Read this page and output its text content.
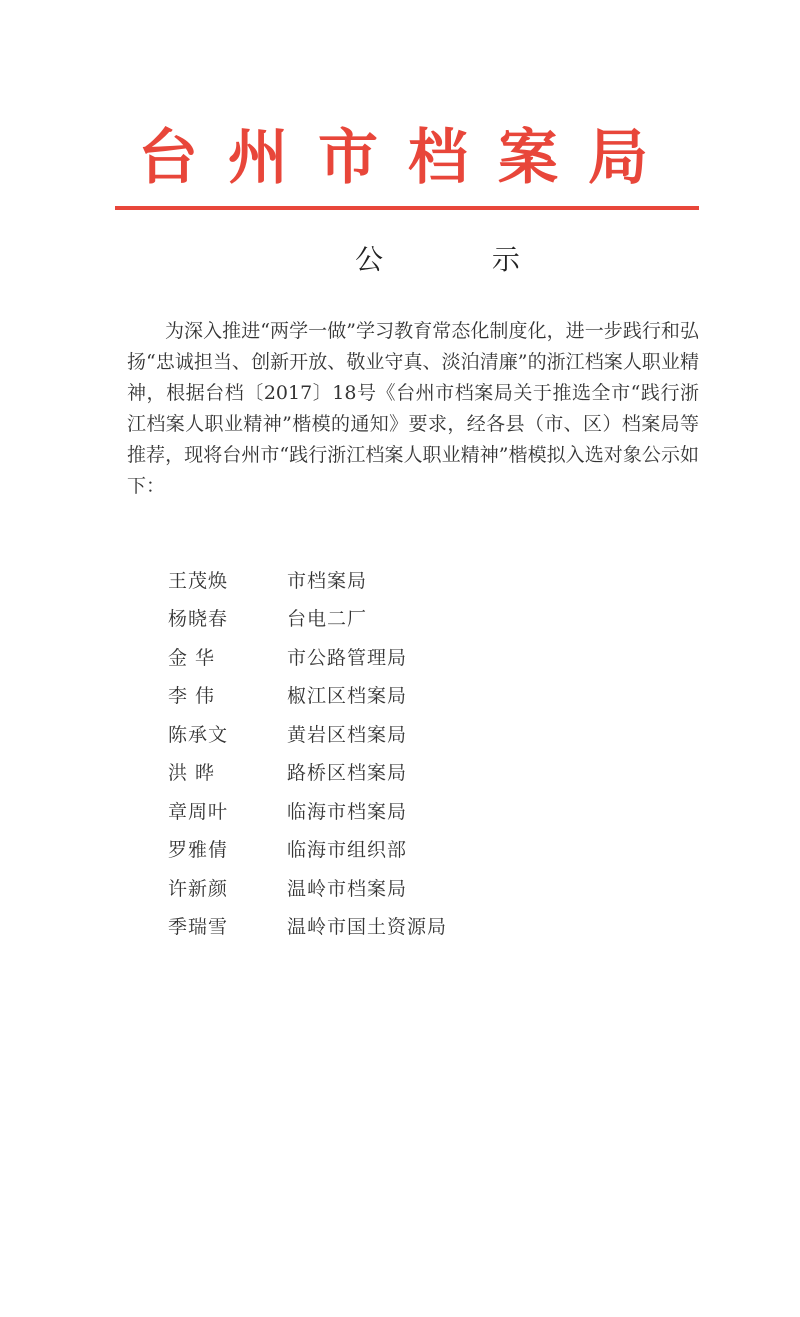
台州市档案局
公 示

为深入推进“两学一做”学习教育常态化制度化，进一步践行和弘扬“忠诚担当、创新开放、敬业守真、淡泊清廉”的浙江档案人职业精神，根据台档〔2017〕18号《台州市档案局关于推选全市“践行浙江档案人职业精神”楷模的通知》要求，经各县（市、区）档案局等推荐，现将台州市“践行浙江档案人职业精神”楷模拟入选对象公示如下：

王茂焕	市档案局
杨晓春	台电二厂
金 华	市公路管理局
李 伟	椒江区档案局
陈承文	黄岩区档案局
洪 晔	路桥区档案局
章周叶	临海市档案局
罗雅倩	临海市组织部
许新颜	温岭市档案局
季瑞雪	温岭市国土资源局
